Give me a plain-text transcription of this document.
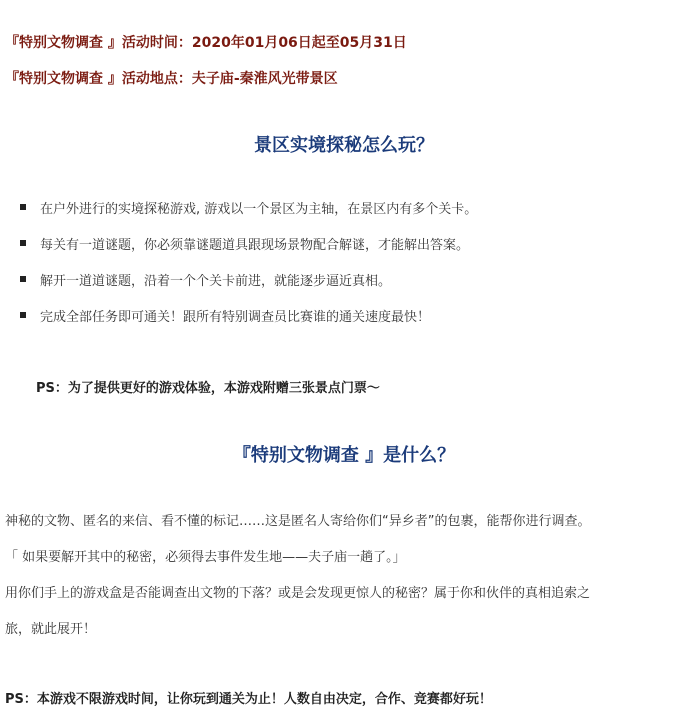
『特别文物调查 』活动时间：2020年01月06日起至05月31日
『特别文物调查 』活动地点：夫子庙-秦淮风光带景区
景区实境探秘怎么玩？
在户外进行的实境探秘游戏, 游戏以一个景区为主轴，在景区内有多个关卡。
每关有一道谜题，你必须靠谜题道具跟现场景物配合解谜，才能解出答案。
解开一道道谜题，沿着一个个关卡前进，就能逐步逼近真相。
完成全部任务即可通关！跟所有特别调查员比赛谁的通关速度最快！
PS：为了提供更好的游戏体验，本游戏附赠三张景点门票～
『特别文物调查 』是什么？
神秘的文物、匿名的来信、看不懂的标记……这是匿名人寄给你们“异乡者”的包裹，能帮你进行调查。
「 如果要解开其中的秘密，必须得去事件发生地——夫子庙一趟了。」
用你们手上的游戏盒是否能调查出文物的下落？或是会发现更惊人的秘密？属于你和伙伴的真相追索之
旅，就此展开！
PS：本游戏不限游戏时间，让你玩到通关为止！人数自由决定，合作、竞赛都好玩！
